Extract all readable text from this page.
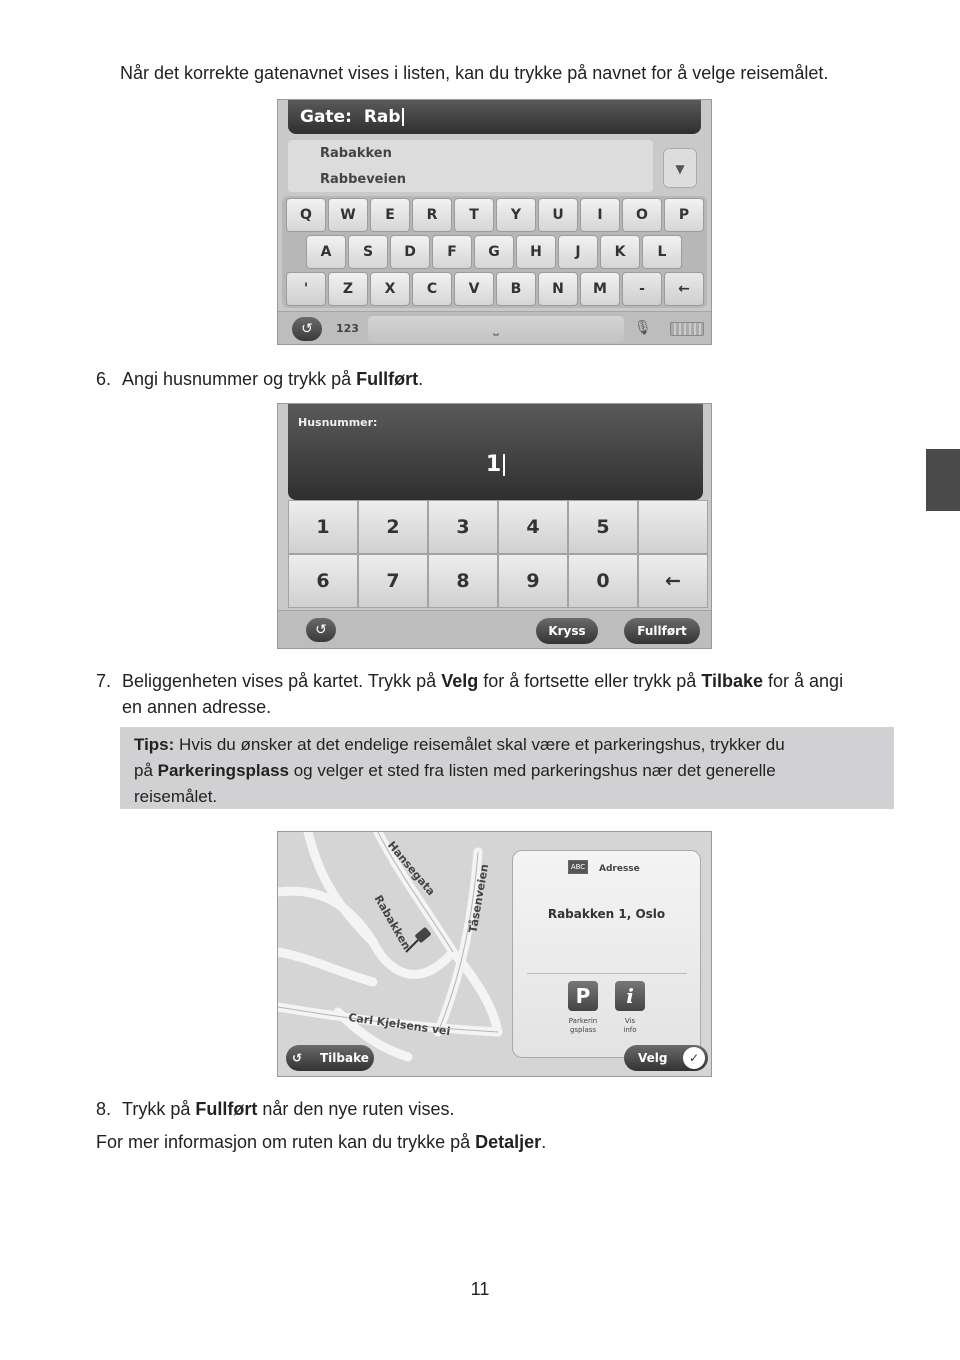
Når det korrekte gatenavnet vises i listen, kan du trykke på navnet for å velge reisemålet.

Gate: Rab
Rabakken
Rabbeveien
▼
Q	W	E	R	T	Y	U	I	O	P
A	S	D	F	G	H	J	K	L
'	Z	X	C	V	B	N	M	-	←
↺	123	⎵	🎙

6. Angi husnummer og trykk på Fullført.

Husnummer:
1
1	2	3	4	5
6	7	8	9	0	←
↺	Kryss	Fullført

7. Beliggenheten vises på kartet. Trykk på Velg for å fortsette eller trykk på Tilbake for å angi
en annen adresse.

Tips: Hvis du ønsker at det endelige reisemålet skal være et parkeringshus, trykker du
på Parkeringsplass og velger et sted fra listen med parkeringshus nær det generelle
reisemålet.
Hansegata
Rabakken	Tåsenveien
Carl Kjelsens vei
ABC	Adresse
Rabakken 1, Oslo
P
Parkerin
gsplass
i
Vis
info
↺	Tilbake	Velg	✓

8. Trykk på Fullført når den nye ruten vises.

For mer informasjon om ruten kan du trykke på Detaljer.

11
